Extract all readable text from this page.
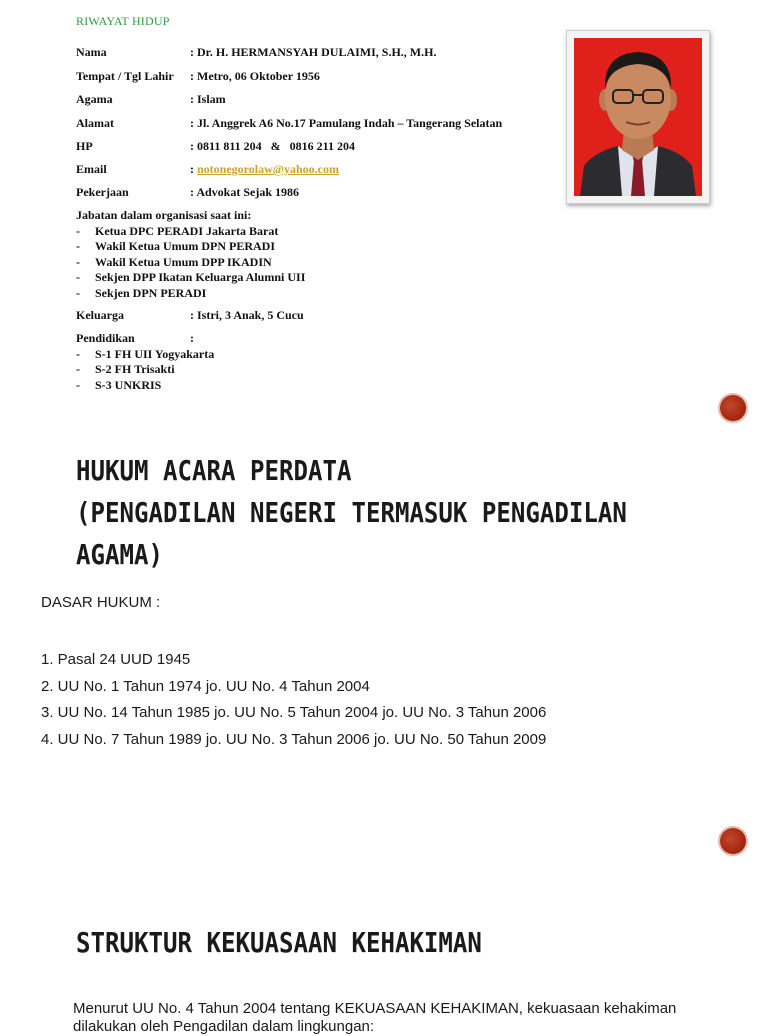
RIWAYAT HIDUP
Nama	: Dr. H. HERMANSYAH DULAIMI, S.H., M.H.
Tempat / Tgl Lahir : Metro, 06 Oktober 1956
Agama	: Islam
Alamat	: Jl. Anggrek A6 No.17 Pamulang Indah – Tangerang Selatan
HP	: 0811 811 204   &   0816 211 204
Email	: notonegorolaw@yahoo.com
Pekerjaan	: Advokat Sejak 1986
Jabatan dalam organisasi saat ini:
- Ketua DPC PERADI Jakarta Barat
- Wakil Ketua Umum DPN PERADI
- Wakil Ketua Umum DPP IKADIN
- Sekjen DPP Ikatan Keluarga Alumni UII
- Sekjen DPN PERADI
Keluarga	: Istri, 3 Anak, 5 Cucu
Pendidikan	:
- S-1 FH UII Yogyakarta
- S-2 FH Trisakti
- S-3 UNKRIS
HUKUM ACARA PERDATA
(PENGADILAN NEGERI TERMASUK PENGADILAN
AGAMA)
DASAR HUKUM :
1. Pasal 24 UUD 1945
2. UU No. 1 Tahun 1974 jo. UU No. 4 Tahun 2004
3. UU No. 14 Tahun 1985 jo. UU No. 5 Tahun 2004 jo. UU No. 3 Tahun 2006
4. UU No. 7 Tahun 1989 jo. UU No. 3 Tahun 2006 jo. UU No. 50 Tahun 2009
STRUKTUR KEKUASAAN KEHAKIMAN
Menurut UU No. 4 Tahun 2004 tentang KEKUASAAN KEHAKIMAN, kekuasaan kehakiman dilakukan oleh Pengadilan dalam lingkungan:
